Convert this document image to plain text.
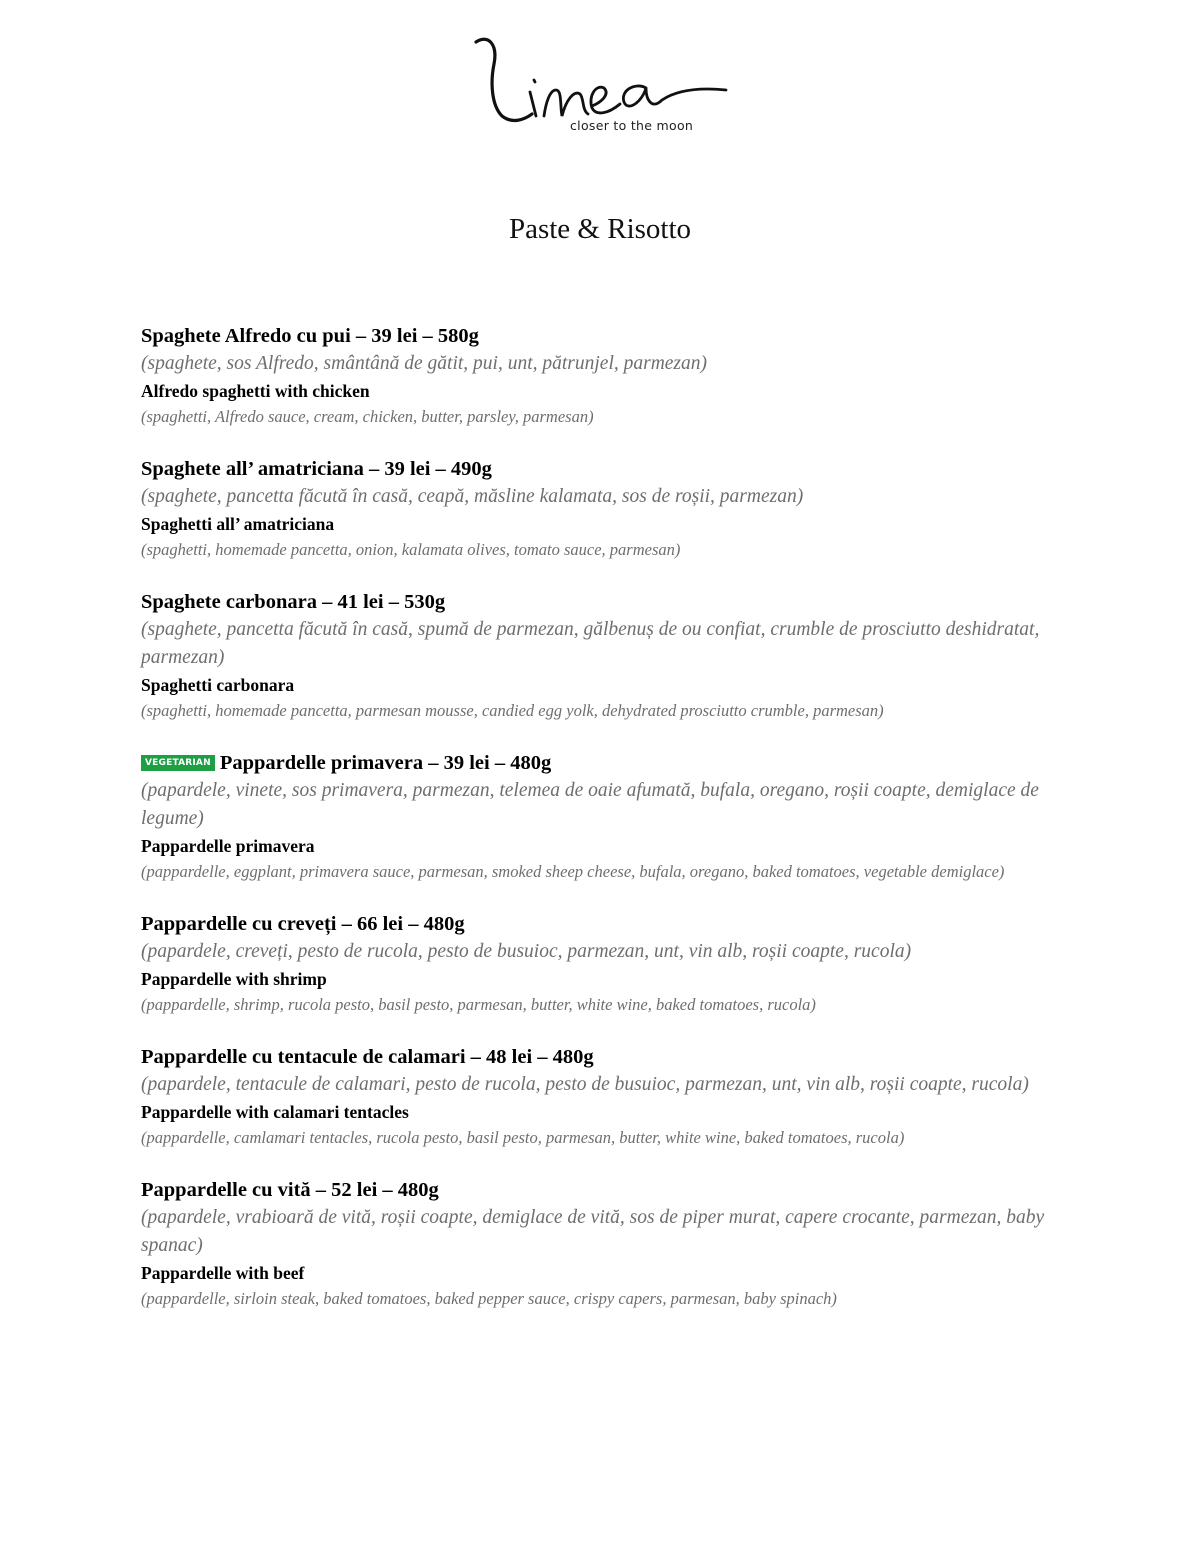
closer to the moon
Paste & Risotto
Spaghete Alfredo cu pui – 39 lei – 580g
(spaghete, sos Alfredo, smântână de gătit, pui, unt, pătrunjel, parmezan)
Alfredo spaghetti with chicken
(spaghetti, Alfredo sauce, cream, chicken, butter, parsley, parmesan)
Spaghete all’ amatriciana – 39 lei – 490g
(spaghete, pancetta făcută în casă, ceapă, măsline kalamata, sos de roșii, parmezan)
Spaghetti all’ amatriciana
(spaghetti, homemade pancetta, onion, kalamata olives, tomato sauce, parmesan)
Spaghete carbonara – 41 lei – 530g
(spaghete, pancetta făcută în casă, spumă de parmezan, gălbenuș de ou confiat, crumble de prosciutto deshidratat, parmezan)
Spaghetti carbonara
(spaghetti, homemade pancetta, parmesan mousse, candied egg yolk, dehydrated prosciutto crumble, parmesan)
VEGETARIAN Pappardelle primavera – 39 lei – 480g
(papardele, vinete, sos primavera, parmezan, telemea de oaie afumată, bufala, oregano, roșii coapte, demiglace de legume)
Pappardelle primavera
(pappardelle, eggplant, primavera sauce, parmesan, smoked sheep cheese, bufala, oregano, baked tomatoes, vegetable demiglace)
Pappardelle cu creveți – 66 lei – 480g
(papardele, creveți, pesto de rucola, pesto de busuioc, parmezan, unt, vin alb, roșii coapte, rucola)
Pappardelle with shrimp
(pappardelle, shrimp, rucola pesto, basil pesto, parmesan, butter, white wine, baked tomatoes, rucola)
Pappardelle cu tentacule de calamari – 48 lei – 480g
(papardele, tentacule de calamari, pesto de rucola, pesto de busuioc, parmezan, unt, vin alb, roșii coapte, rucola)
Pappardelle with calamari tentacles
(pappardelle, camlamari tentacles, rucola pesto, basil pesto, parmesan, butter, white wine, baked tomatoes, rucola)
Pappardelle cu vită – 52 lei – 480g
(papardele, vrabioară de vită, roșii coapte, demiglace de vită, sos de piper murat, capere crocante, parmezan, baby spanac)
Pappardelle with beef
(pappardelle, sirloin steak, baked tomatoes, baked pepper sauce, crispy capers, parmesan, baby spinach)
